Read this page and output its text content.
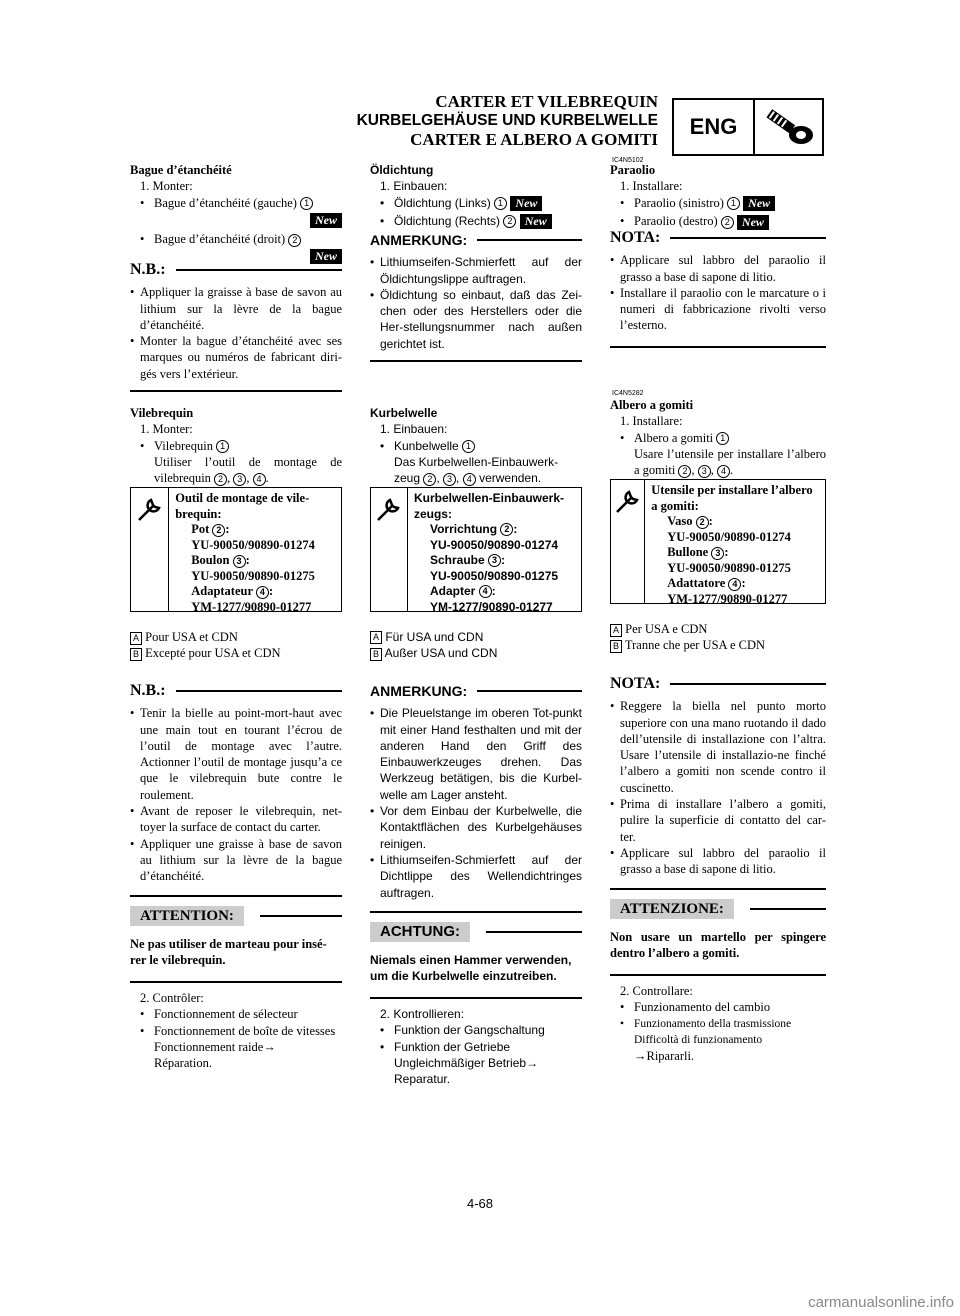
CARTER ET VILEBREQUIN
KURBELGEHÄUSE UND KURBELWELLE
CARTER E ALBERO A GOMITI
ENG
IC4N5102
Bague d’étanchéité
1. Monter:
• Bague d’étanchéité (gauche) 1
New
• Bague d’étanchéité (droit) 2
New
N.B.:
• Appliquer la graisse à base de savon au lithium sur la lèvre de la bague d’étanchéité.
• Monter la bague d’étanchéité avec ses marques ou numéros de fabricant diri-gés vers l’extérieur.
Vilebrequin
1. Monter:
• Vilebrequin 1
Utiliser l’outil de montage de vilebrequin 2 , 3 , 4 .
Outil de montage de vile-brequin:
Pot 2 :
YU-90050/90890-01274
Boulon 3 :
YU-90050/90890-01275
Adaptateur 4 :
YM-1277/90890-01277
A Pour USA et CDN
B Excepté pour USA et CDN
N.B.:
• Tenir la bielle au point-mort-haut avec une main tout en tourant l’écrou de l’outil de montage avec l’autre. Actionner l’outil de montage jusqu’a ce que le vilebrequin bute contre le roulement.
• Avant de reposer le vilebrequin, net-toyer la surface de contact du carter.
• Appliquer une graisse à base de savon au lithium sur la lèvre de la bague d’étanchéité.
ATTENTION:
Ne pas utiliser de marteau pour insé-rer le vilebrequin.
2. Contrôler:
• Fonctionnement de sélecteur
• Fonctionnement de boîte de vitesses
Fonctionnement raide→
Réparation.
Öldichtung
1. Einbauen:
• Öldichtung (Links) 1 New
• Öldichtung (Rechts) 2 New
ANMERKUNG:
• Lithiumseifen-Schmierfett auf der Öldichtungslippe auftragen.
• Öldichtung so einbaut, daß das Zei-chen oder des Herstellers oder die Her-stellungsnummer nach außen gerichtet ist.
Kurbelwelle
1. Einbauen:
• Kunbelwelle 1
Das Kurbelwellen-Einbauwerk-zeug 2 , 3 , 4 verwenden.
Kurbelwellen-Einbauwerk-zeugs:
Vorrichtung 2 :
YU-90050/90890-01274
Schraube 3 :
YU-90050/90890-01275
Adapter 4 :
YM-1277/90890-01277
A Für USA und CDN
B Außer USA und CDN
ANMERKUNG:
• Die Pleuelstange im oberen Tot-punkt mit einer Hand festhalten und mit der anderen Hand den Griff des Einbauwerkzeuges drehen. Das Werkzeug betätigen, bis die Kurbel-welle am Lager ansteht.
• Vor dem Einbau der Kurbelwelle, die Kontaktflächen des Kurbelgehäuses reinigen.
• Lithiumseifen-Schmierfett auf der Dichtlippe des Wellendichtringes auftragen.
ACHTUNG:
Niemals einen Hammer verwenden, um die Kurbelwelle einzutreiben.
2. Kontrollieren:
• Funktion der Gangschaltung
• Funktion der Getriebe
Ungleichmäßiger Betrieb→
Reparatur.
Paraolio
1. Installare:
• Paraolio (sinistro) 1 New
• Paraolio (destro) 2 New
NOTA:
• Applicare sul labbro del paraolio il grasso a base di sapone di litio.
• Installare il paraolio con le marcature o i numeri di fabbricazione rivolti verso l’esterno.
IC4N5282
Albero a gomiti
1. Installare:
• Albero a gomiti 1
Usare l’utensile per installare l’albero a gomiti 2 , 3 , 4 .
Utensile per installare l’albero a gomiti:
Vaso 2 :
YU-90050/90890-01274
Bullone 3 :
YU-90050/90890-01275
Adattatore 4 :
YM-1277/90890-01277
A Per USA e CDN
B Tranne che per USA e CDN
NOTA:
• Reggere la biella nel punto morto superiore con una mano ruotando il dado dell’utensile di installazione con l’altra. Usare l’utensile di installazio-ne finché l’albero a gomiti non scende contro il cuscinetto.
• Prima di installare l’albero a gomiti, pulire la superficie di contatto del car-ter.
• Applicare sul labbro del paraolio il grasso a base di sapone di litio.
ATTENZIONE:
Non usare un martello per spingere dentro l’albero a gomiti.
2. Controllare:
• Funzionamento del cambio
• Funzionamento della trasmissione
Difficoltà di funzionamento
→Ripararli.
4-68
carmanualsonline.info
